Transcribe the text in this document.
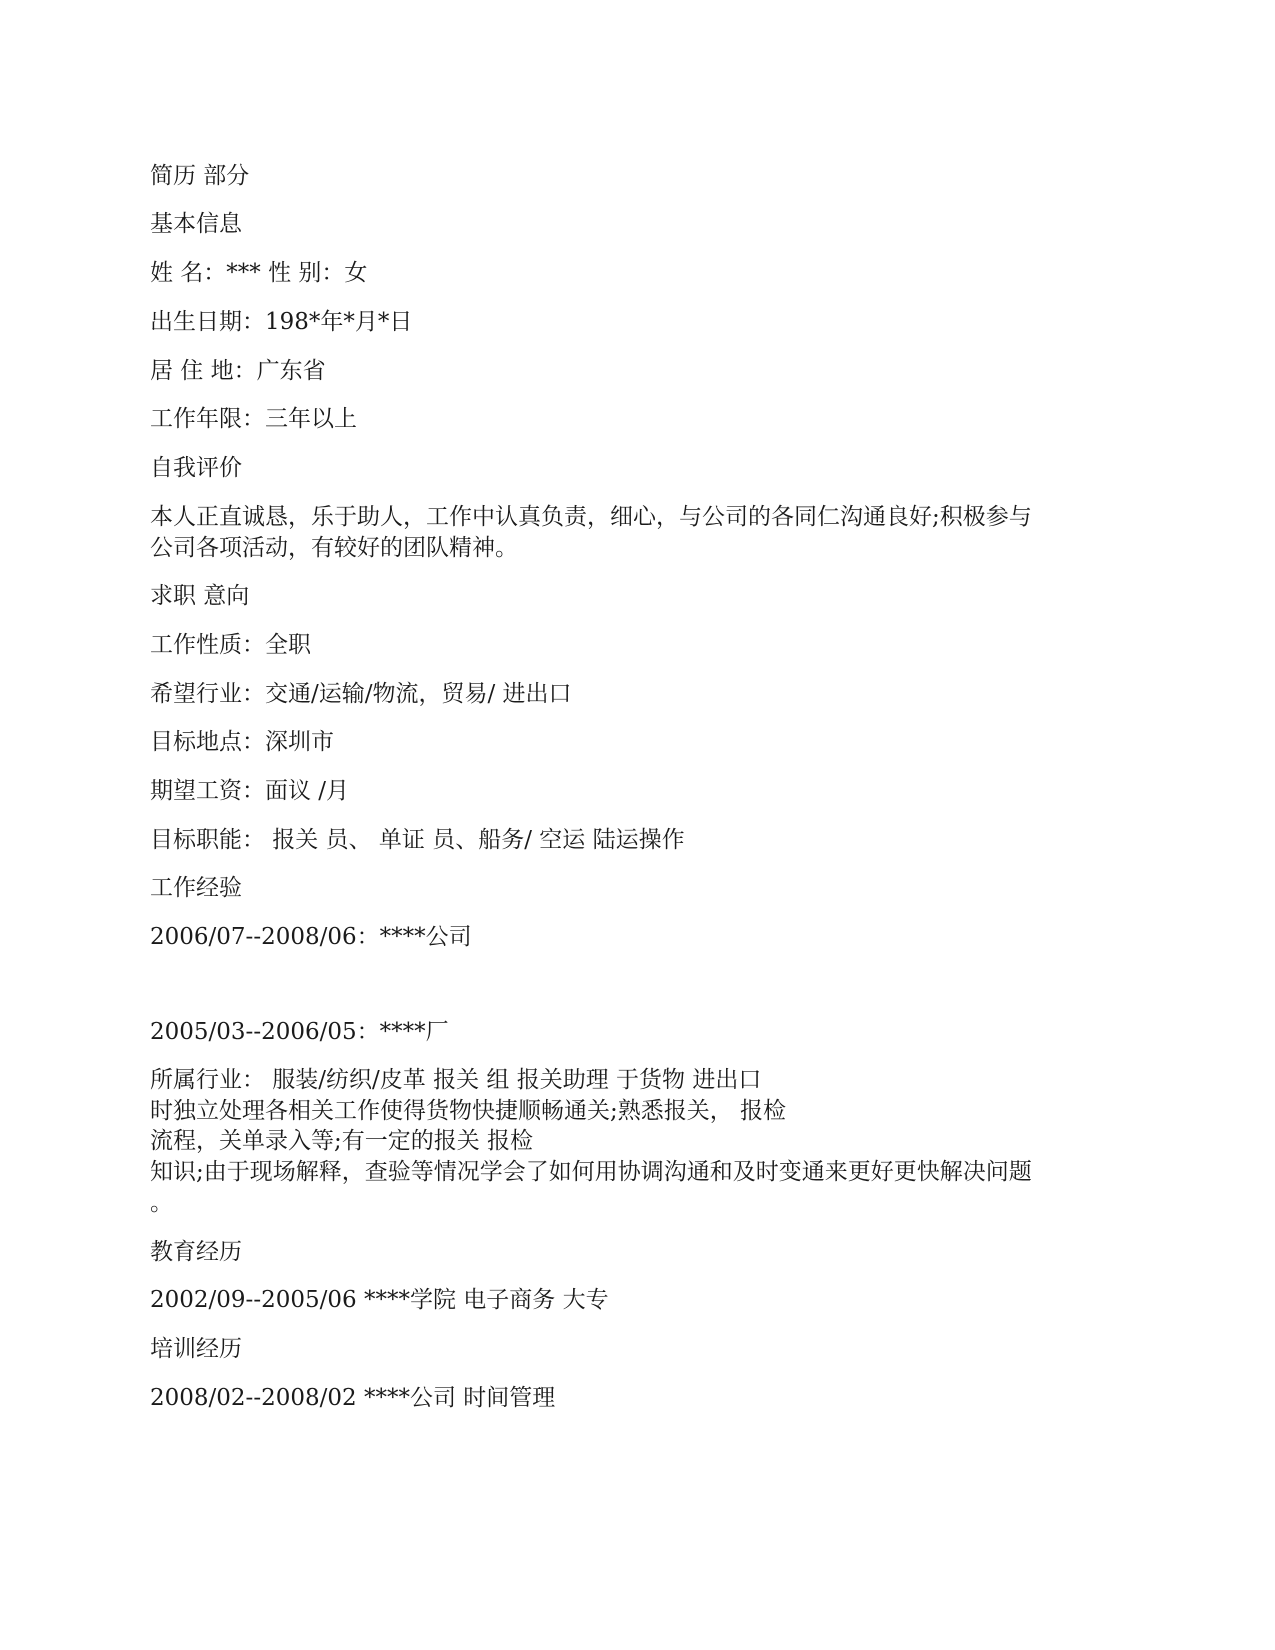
简历 部分

基本信息

姓 名：*** 性 别：女

出生日期：198*年*月*日

居 住 地：广东省

工作年限：三年以上

自我评价

本人正直诚恳，乐于助人，工作中认真负责，细心，与公司的各同仁沟通良好;积极参与

公司各项活动，有较好的团队精神。

求职 意向

工作性质：全职

希望行业：交通/运输/物流，贸易/ 进出口

目标地点：深圳市

期望工资：面议 /月

目标职能： 报关 员、 单证 员、船务/ 空运 陆运操作

工作经验

2006/07--2008/06：****公司

2005/03--2006/05：****厂

所属行业： 服装/纺织/皮革 报关 组 报关助理 于货物 进出口

时独立处理各相关工作使得货物快捷顺畅通关;熟悉报关， 报检

流程，关单录入等;有一定的报关 报检

知识;由于现场解释，查验等情况学会了如何用协调沟通和及时变通来更好更快解决问题

。

教育经历

2002/09--2005/06 ****学院 电子商务 大专

培训经历

2008/02--2008/02 ****公司 时间管理
